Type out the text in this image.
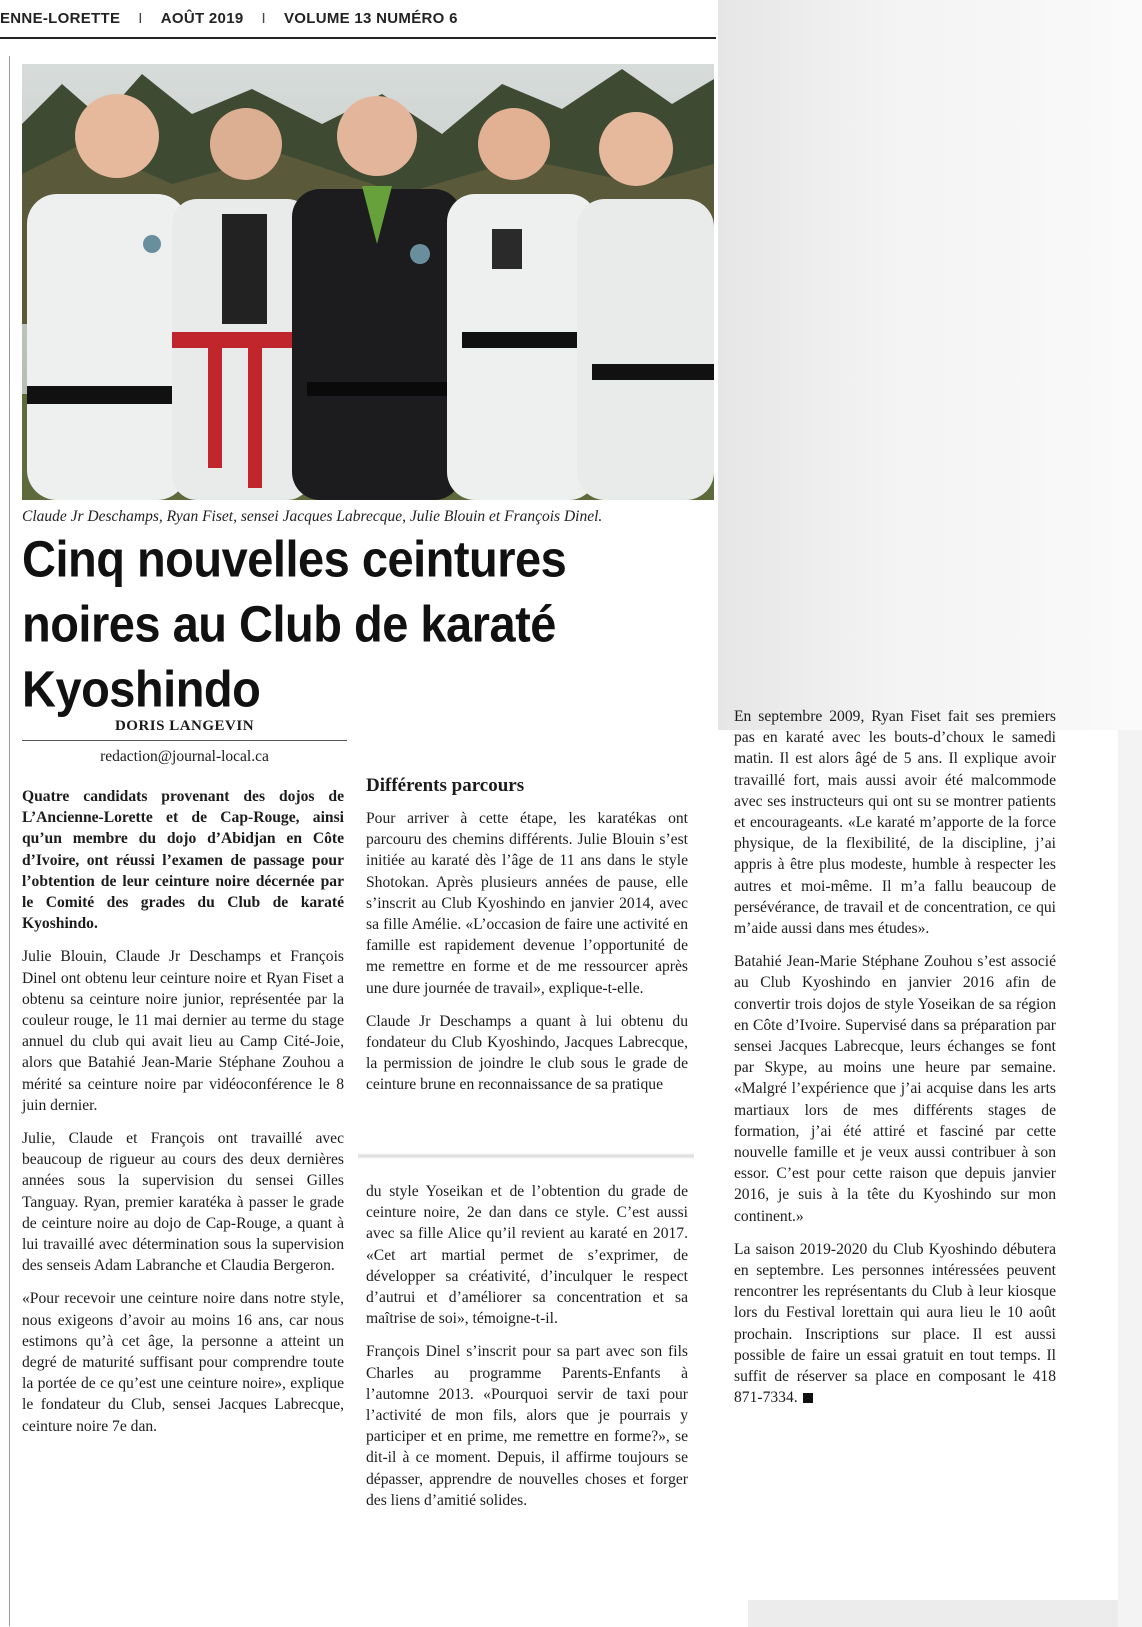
ENNE-LORETTE I AOÛT 2019 I VOLUME 13 NUMÉRO 6
Claude Jr Deschamps, Ryan Fiset, sensei Jacques Labrecque, Julie Blouin et François Dinel.
Cinq nouvelles ceintures
noires au Club de karaté
Kyoshindo
DORIS LANGEVIN
redaction@journal-local.ca

Quatre candidats provenant des dojos de L’Ancienne-Lorette et de Cap-Rouge, ainsi qu’un membre du dojo d’Abidjan en Côte d’Ivoire, ont réussi l’examen de passage pour l’obtention de leur ceinture noire décernée par le Comité des grades du Club de karaté Kyoshindo.

Julie Blouin, Claude Jr Deschamps et François Dinel ont obtenu leur ceinture noire et Ryan Fiset a obtenu sa ceinture noire junior, représentée par la couleur rouge, le 11 mai dernier au terme du stage annuel du club qui avait lieu au Camp Cité-Joie, alors que Batahié Jean-Marie Stéphane Zouhou a mérité sa ceinture noire par vidéoconférence le 8 juin dernier.

Julie, Claude et François ont travaillé avec beaucoup de rigueur au cours des deux dernières années sous la supervision du sensei Gilles Tanguay. Ryan, premier karatéka à passer le grade de ceinture noire au dojo de Cap-Rouge, a quant à lui travaillé avec détermination sous la supervision des senseis Adam Labranche et Claudia Bergeron.

«Pour recevoir une ceinture noire dans notre style, nous exigeons d’avoir au moins 16 ans, car nous estimons qu’à cet âge, la personne a atteint un degré de maturité suffisant pour comprendre toute la portée de ce qu’est une ceinture noire», explique le fondateur du Club, sensei Jacques Labrecque, ceinture noire 7e dan.

Différents parcours

Pour arriver à cette étape, les karatékas ont parcouru des chemins différents. Julie Blouin s’est initiée au karaté dès l’âge de 11 ans dans le style Shotokan. Après plusieurs années de pause, elle s’inscrit au Club Kyoshindo en janvier 2014, avec sa fille Amélie. «L’occasion de faire une activité en famille est rapidement devenue l’opportunité de me remettre en forme et de me ressourcer après une dure journée de travail», explique-t-elle.

Claude Jr Deschamps a quant à lui obtenu du fondateur du Club Kyoshindo, Jacques Labrecque, la permission de joindre le club sous le grade de ceinture brune en reconnaissance de sa pratique

du style Yoseikan et de l’obtention du grade de ceinture noire, 2e dan dans ce style. C’est aussi avec sa fille Alice qu’il revient au karaté en 2017. «Cet art martial permet de s’exprimer, de développer sa créativité, d’inculquer le respect d’autrui et d’améliorer sa concentration et sa maîtrise de soi», témoigne-t-il.

François Dinel s’inscrit pour sa part avec son fils Charles au programme Parents-Enfants à l’automne 2013. «Pourquoi servir de taxi pour l’activité de mon fils, alors que je pourrais y participer et en prime, me remettre en forme?», se dit-il à ce moment. Depuis, il affirme toujours se dépasser, apprendre de nouvelles choses et forger des liens d’amitié solides.

En septembre 2009, Ryan Fiset fait ses premiers pas en karaté avec les bouts-d’choux le samedi matin. Il est alors âgé de 5 ans. Il explique avoir travaillé fort, mais aussi avoir été malcommode avec ses instructeurs qui ont su se montrer patients et encourageants. «Le karaté m’apporte de la force physique, de la flexibilité, de la discipline, j’ai appris à être plus modeste, humble à respecter les autres et moi-même. Il m’a fallu beaucoup de persévérance, de travail et de concentration, ce qui m’aide aussi dans mes études».

Batahié Jean-Marie Stéphane Zouhou s’est associé au Club Kyoshindo en janvier 2016 afin de convertir trois dojos de style Yoseikan de sa région en Côte d’Ivoire. Supervisé dans sa préparation par sensei Jacques Labrecque, leurs échanges se font par Skype, au moins une heure par semaine. «Malgré l’expérience que j’ai acquise dans les arts martiaux lors de mes différents stages de formation, j’ai été attiré et fasciné par cette nouvelle famille et je veux aussi contribuer à son essor. C’est pour cette raison que depuis janvier 2016, je suis à la tête du Kyoshindo sur mon continent.»

La saison 2019-2020 du Club Kyoshindo débutera en septembre. Les personnes intéressées peuvent rencontrer les représentants du Club à leur kiosque lors du Festival lorettain qui aura lieu le 10 août prochain. Inscriptions sur place. Il est aussi possible de faire un essai gratuit en tout temps. Il suffit de réserver sa place en composant le 418 871-7334.
